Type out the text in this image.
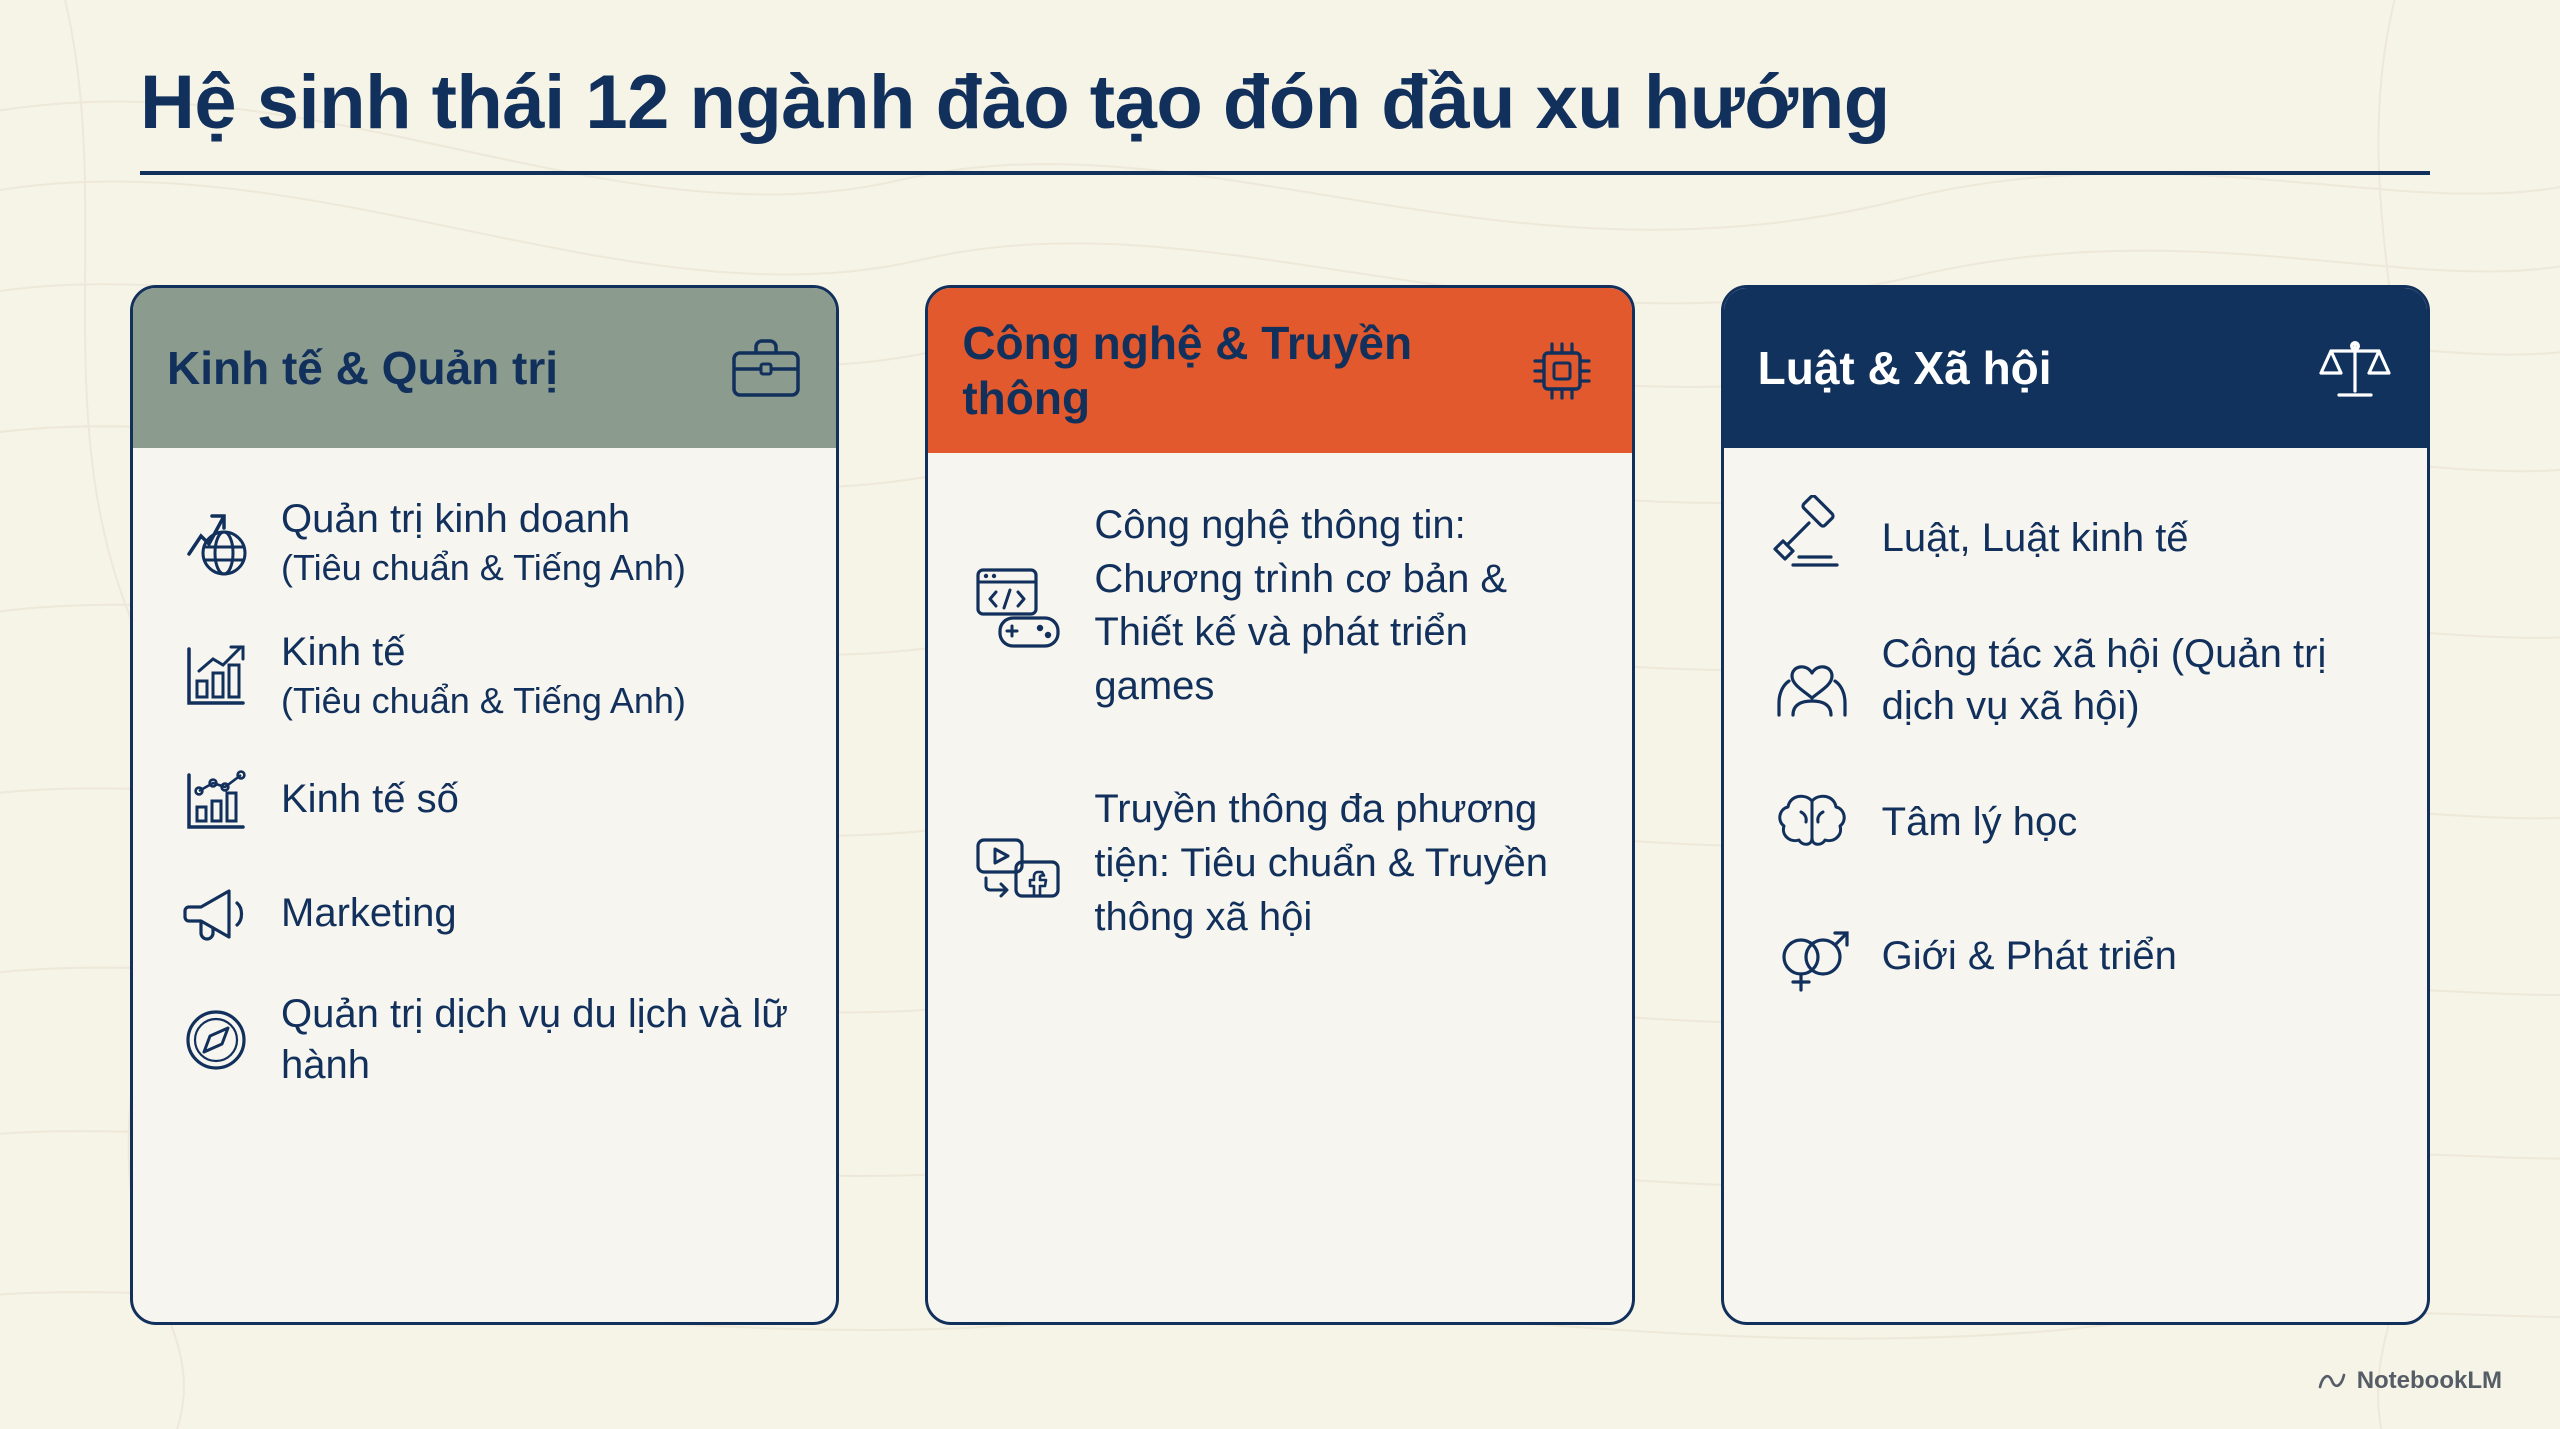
Hệ sinh thái 12 ngành đào tạo đón đầu xu hướng
Kinh tế & Quản trị
Quản trị kinh doanh
(Tiêu chuẩn & Tiếng Anh)
Kinh tế
(Tiêu chuẩn & Tiếng Anh)
Kinh tế số
Marketing
Quản trị dịch vụ du lịch và lữ hành
Công nghệ & Truyền thông
Công nghệ thông tin: Chương trình cơ bản & Thiết kế và phát triển games
Truyền thông đa phương tiện: Tiêu chuẩn & Truyền thông xã hội
Luật & Xã hội
Luật, Luật kinh tế
Công tác xã hội (Quản trị dịch vụ xã hội)
Tâm lý học
Giới & Phát triển
NotebookLM
